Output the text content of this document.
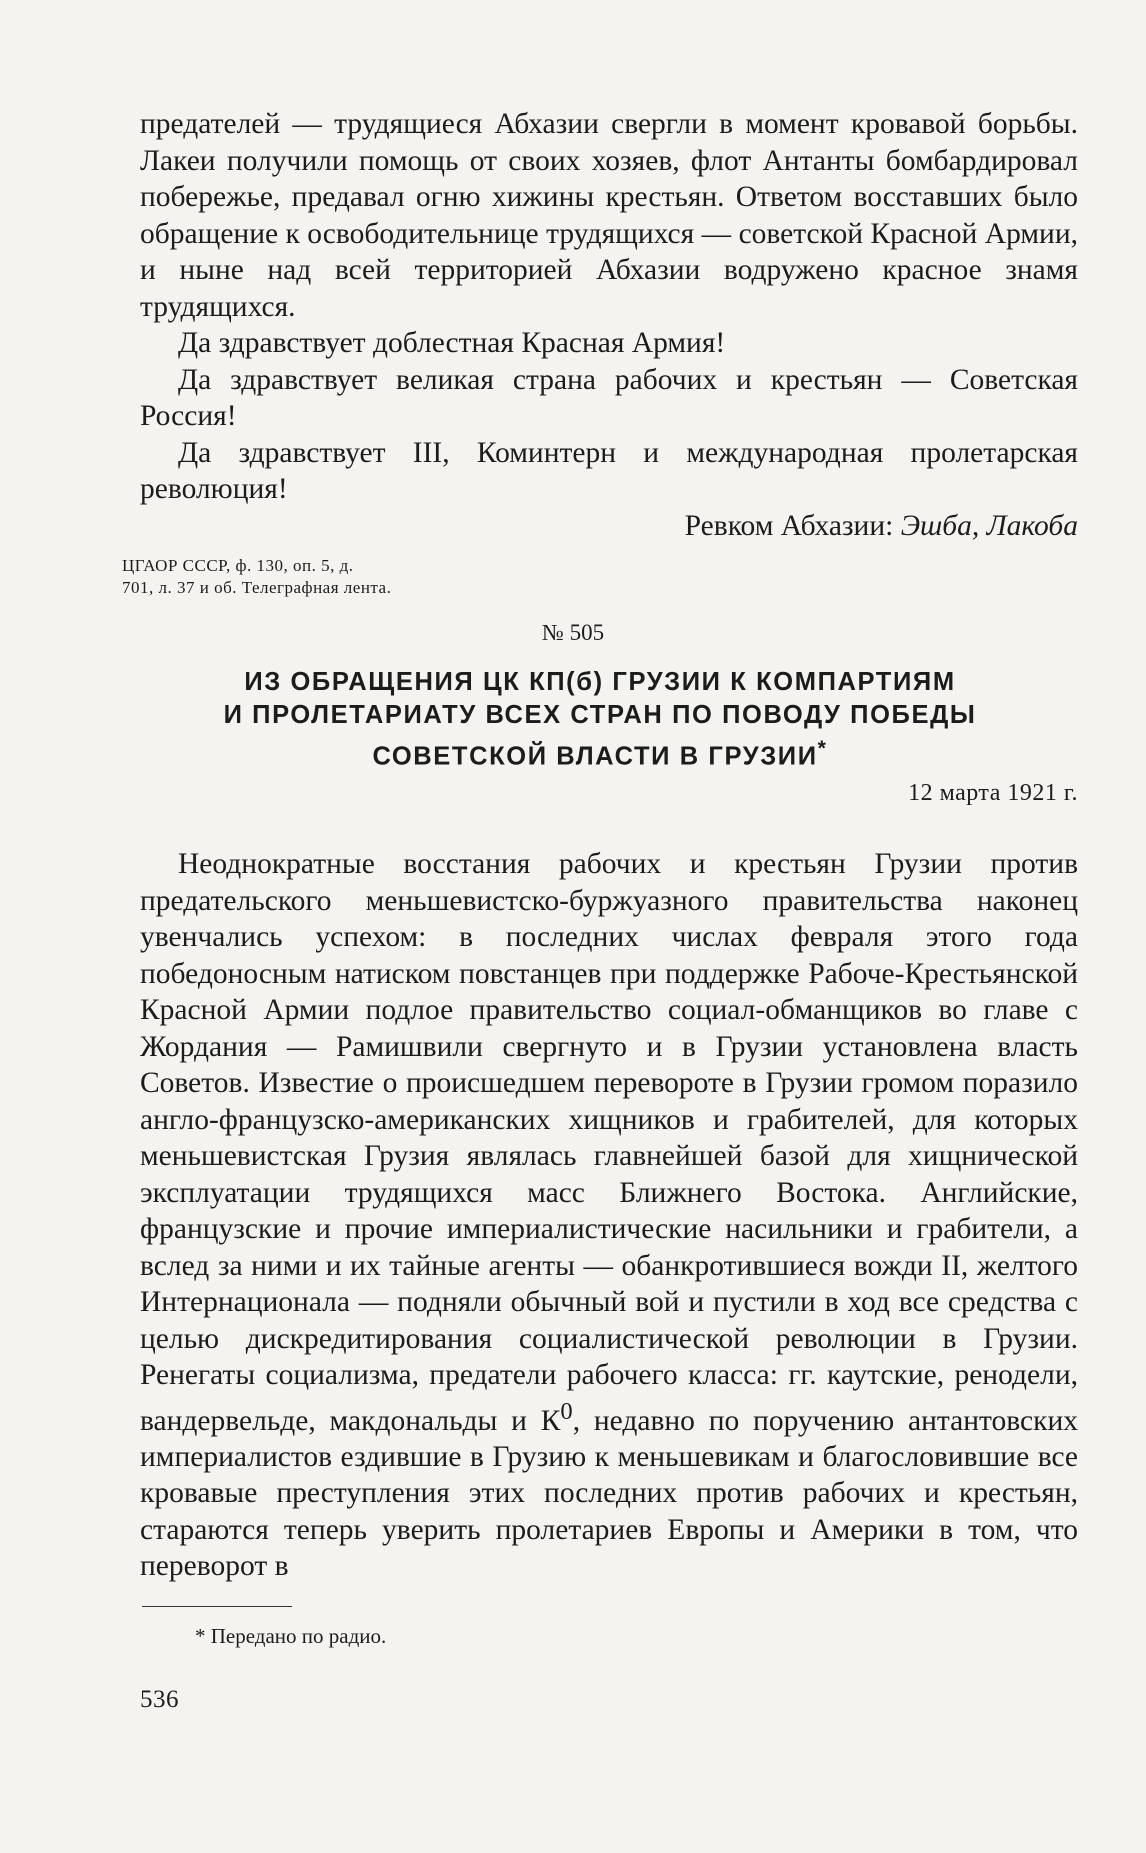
предателей — трудящиеся Абхазии свергли в момент кровавой борьбы. Лакеи получили помощь от своих хозяев, флот Антанты бомбардировал побережье, предавал огню хижины крестьян. Ответом восставших было обращение к освободительнице трудящихся — советской Красной Армии, и ныне над всей территорией Абхазии водружено красное знамя трудящихся.

Да здравствует доблестная Красная Армия!

Да здравствует великая страна рабочих и крестьян — Советская Россия!

Да здравствует III, Коминтерн и международная пролетарская революция!

Ревком Абхазии: Эшба, Лакоба
ЦГАОР СССР, ф. 130, оп. 5, д.
701, л. 37 и об. Телеграфная лента.
№ 505
ИЗ ОБРАЩЕНИЯ ЦК КП(б) ГРУЗИИ К КОМПАРТИЯМ
И ПРОЛЕТАРИАТУ ВСЕХ СТРАН ПО ПОВОДУ ПОБЕДЫ
СОВЕТСКОЙ ВЛАСТИ В ГРУЗИИ*
12 марта 1921 г.

Неоднократные восстания рабочих и крестьян Грузии против предательского меньшевистско-буржуазного правительства наконец увенчались успехом: в последних числах февраля этого года победоносным натиском повстанцев при поддержке Рабоче-Крестьянской Красной Армии подлое правительство социал-обманщиков во главе с Жордания — Рамишвили свергнуто и в Грузии установлена власть Советов. Известие о происшедшем перевороте в Грузии громом поразило англо-французско-американских хищников и грабителей, для которых меньшевистская Грузия являлась главнейшей базой для хищнической эксплуатации трудящихся масс Ближнего Востока. Английские, французские и прочие империалистические насильники и грабители, а вслед за ними и их тайные агенты — обанкротившиеся вожди II, желтого Интернационала — подняли обычный вой и пустили в ход все средства с целью дискредитирования социалистической революции в Грузии. Ренегаты социализма, предатели рабочего класса: гг. каутские, ренодели, вандервельде, макдональды и $К^0$, недавно по поручению антантовских империалистов ездившие в Грузию к меньшевикам и благословившие все кровавые преступления этих последних против рабочих и крестьян, стараются теперь уверить пролетариев Европы и Америки в том, что переворот в

* Передано по радио.
536
